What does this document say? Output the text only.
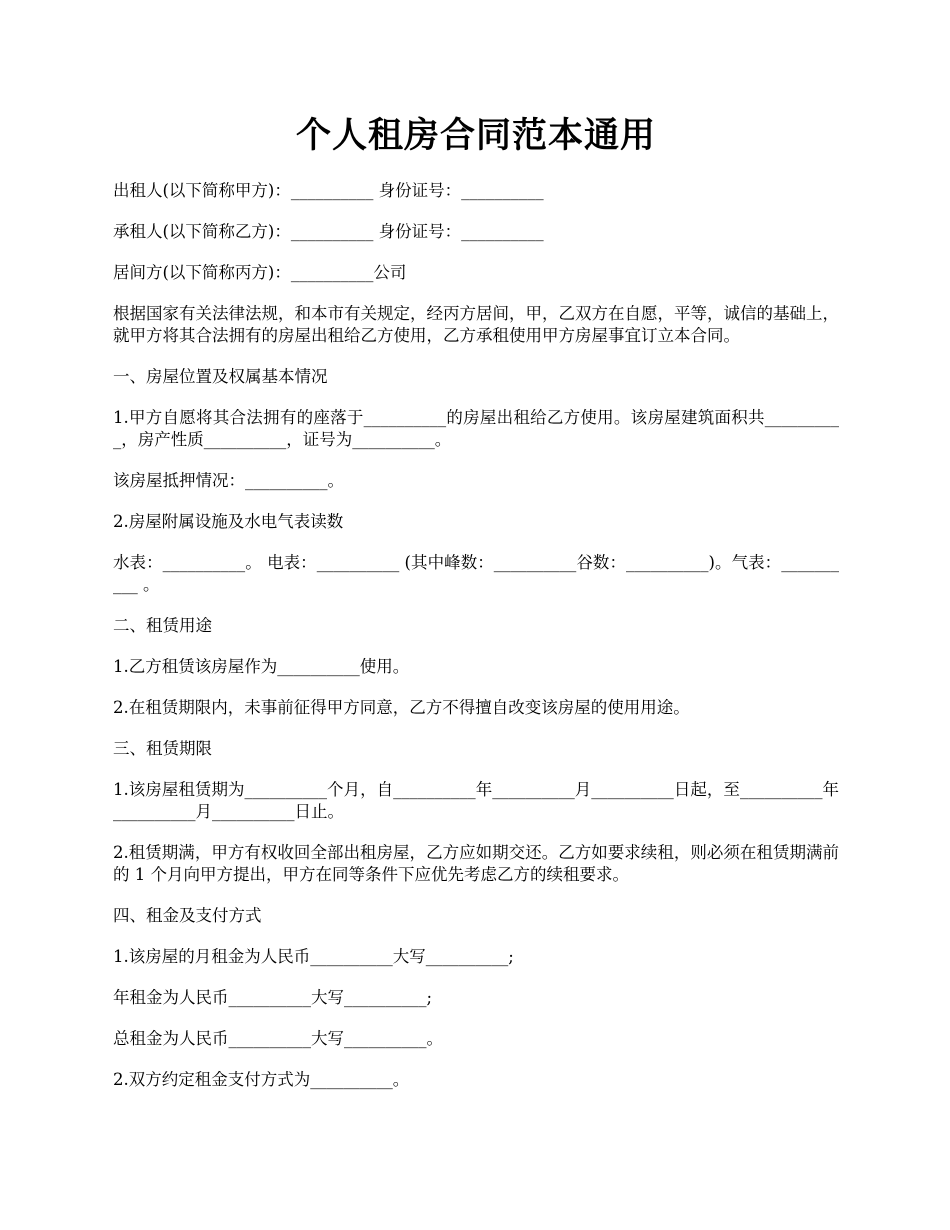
个人租房合同范本通用

出租人(以下简称甲方)：__________ 身份证号：__________

承租人(以下简称乙方)：__________ 身份证号：__________

居间方(以下简称丙方)：__________公司

根据国家有关法律法规，和本市有关规定，经丙方居间，甲，乙双方在自愿，平等，诚信的基础上，就甲方将其合法拥有的房屋出租给乙方使用，乙方承租使用甲方房屋事宜订立本合同。

一、房屋位置及权属基本情况

1.甲方自愿将其合法拥有的座落于__________的房屋出租给乙方使用。该房屋建筑面积共__________，房产性质__________，证号为__________。

该房屋抵押情况：__________。

2.房屋附属设施及水电气表读数

水表：__________。 电表：__________ (其中峰数：__________谷数：__________)。气表：__________ 。

二、租赁用途

1.乙方租赁该房屋作为__________使用。

2.在租赁期限内，未事前征得甲方同意，乙方不得擅自改变该房屋的使用用途。

三、租赁期限

1.该房屋租赁期为__________个月，自__________年__________月__________日起，至__________年__________月__________日止。

2.租赁期满，甲方有权收回全部出租房屋，乙方应如期交还。乙方如要求续租，则必须在租赁期满前的 1 个月向甲方提出，甲方在同等条件下应优先考虑乙方的续租要求。

四、租金及支付方式

1.该房屋的月租金为人民币__________大写__________;

年租金为人民币__________大写__________;

总租金为人民币__________大写__________。

2.双方约定租金支付方式为__________。
